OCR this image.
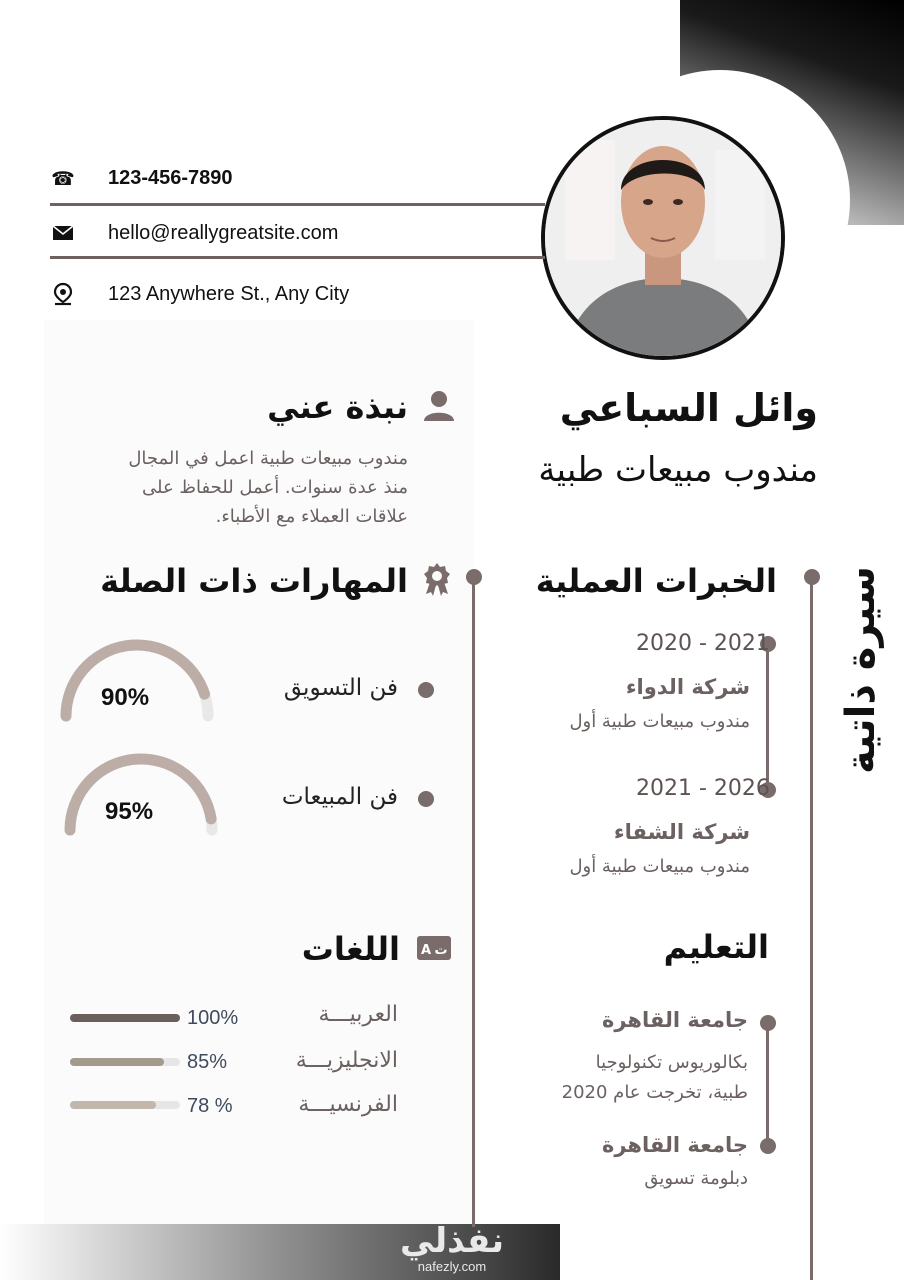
☎ 123-456-7890
hello@reallygreatsite.com
123 Anywhere St., Any City
وائل السباعي
مندوب مبيعات طبية
سيرة ذاتية
نبذة عني
مندوب مبيعات طبية اعمل في المجال
منذ عدة سنوات. أعمل للحفاظ على
علاقات العملاء مع الأطباء.
الخبرات العملية
2020 - 2021
شركة الدواء
مندوب مبيعات طبية أول
2021 - 2026
شركة الشفاء
مندوب مبيعات طبية أول
المهارات ذات الصلة
فن التسويق
90%
فن المبيعات
95%
التعليم
جامعة القاهرة
بكالوريوس تكنولوجيا
طبية، تخرجت عام 2020
جامعة القاهرة
دبلومة تسويق
A ت
اللغات
العربيـــة
100%
الانجليزيـــة
85%
الفرنسيـــة
78 %
نفذلي
nafezly.com
